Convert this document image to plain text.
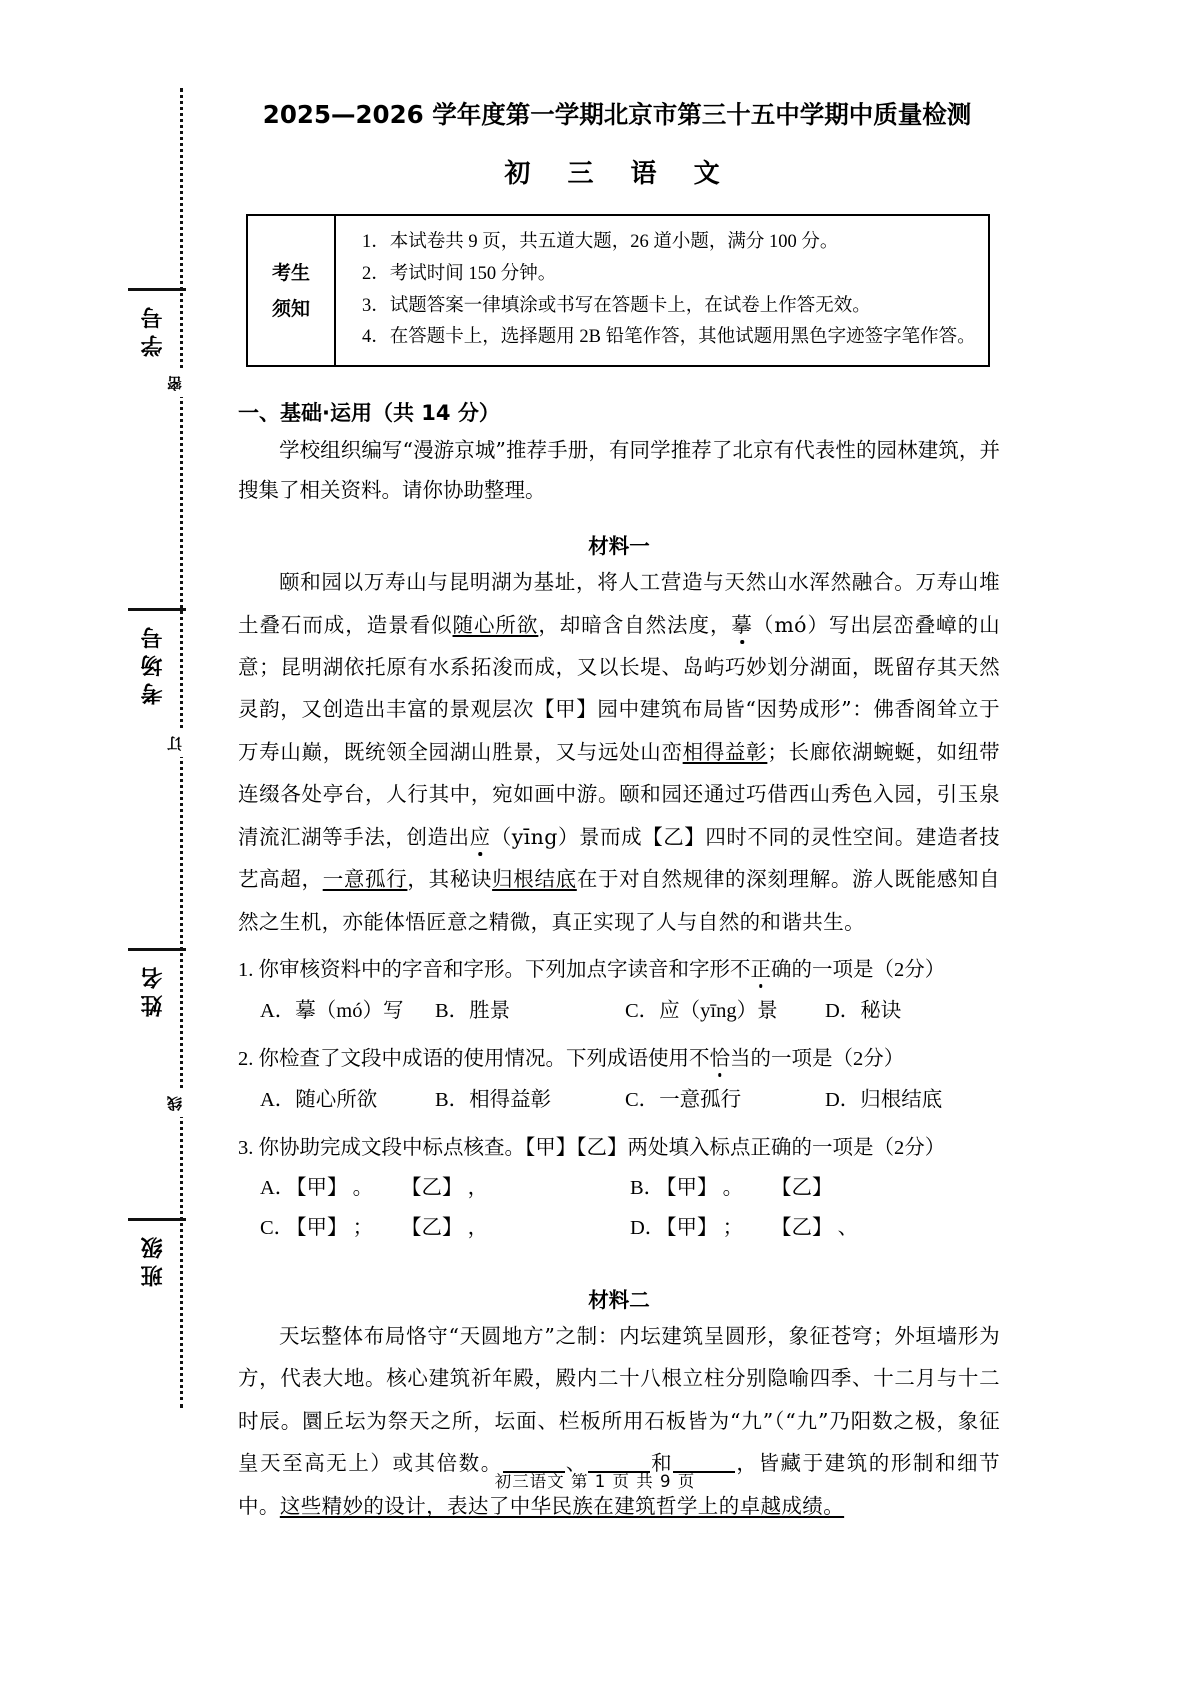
密
订
线
学号
考场号
姓名
班级
2025—2026 学年度第一学期北京市第三十五中学期中质量检测
初 三 语 文
考生
须知
1．本试卷共 9 页，共五道大题，26 道小题，满分 100 分。
2．考试时间 150 分钟。
3．试题答案一律填涂或书写在答题卡上，在试卷上作答无效。
4．在答题卡上，选择题用 2B 铅笔作答，其他试题用黑色字迹签字笔作答。
一、基础·运用（共 14 分）
学校组织编写“漫游京城”推荐手册，有同学推荐了北京有代表性的园林建筑，并搜集了相关资料。请你协助整理。
材料一
颐和园以万寿山与昆明湖为基址，将人工营造与天然山水浑然融合。万寿山堆土叠石而成，造景看似随心所欲，却暗含自然法度，摹（mó）写出层峦叠嶂的山意；昆明湖依托原有水系拓浚而成，又以长堤、岛屿巧妙划分湖面，既留存其天然灵韵，又创造出丰富的景观层次【甲】园中建筑布局皆“因势成形”：佛香阁耸立于万寿山巅，既统领全园湖山胜景，又与远处山峦相得益彰；长廊依湖蜿蜒，如纽带连缀各处亭台，人行其中，宛如画中游。颐和园还通过巧借西山秀色入园，引玉泉清流汇湖等手法，创造出应（yīng）景而成【乙】四时不同的灵性空间。建造者技艺高超，一意孤行，其秘诀归根结底在于对自然规律的深刻理解。游人既能感知自然之生机，亦能体悟匠意之精微，真正实现了人与自然的和谐共生。
1. 你审核资料中的字音和字形。下列加点字读音和字形不正确的一项是（2分）
A．摹（mó）写	B．胜景	C．应（yīng）景	D．秘诀
2. 你检查了文段中成语的使用情况。下列成语使用不恰当的一项是（2分）
A．随心所欲	B．相得益彰	C．一意孤行	D．归根结底
3. 你协助完成文段中标点核查。【甲】【乙】两处填入标点正确的一项是（2分）
A．【甲】 。 【乙】 ，	B．【甲】 。 【乙】
C．【甲】 ； 【乙】 ，	D．【甲】 ； 【乙】 、
材料二
天坛整体布局恪守“天圆地方”之制：内坛建筑呈圆形，象征苍穹；外垣墙形为方，代表大地。核心建筑祈年殿，殿内二十八根立柱分别隐喻四季、十二月与十二时辰。圜丘坛为祭天之所，坛面、栏板所用石板皆为“九”（“九”乃阳数之极，象征皇天至高无上）或其倍数。	、	和	，皆藏于建筑的形制和细节中。这些精妙的设计，表达了中华民族在建筑哲学上的卓越成绩。
初三语文 第 1 页 共 9 页
